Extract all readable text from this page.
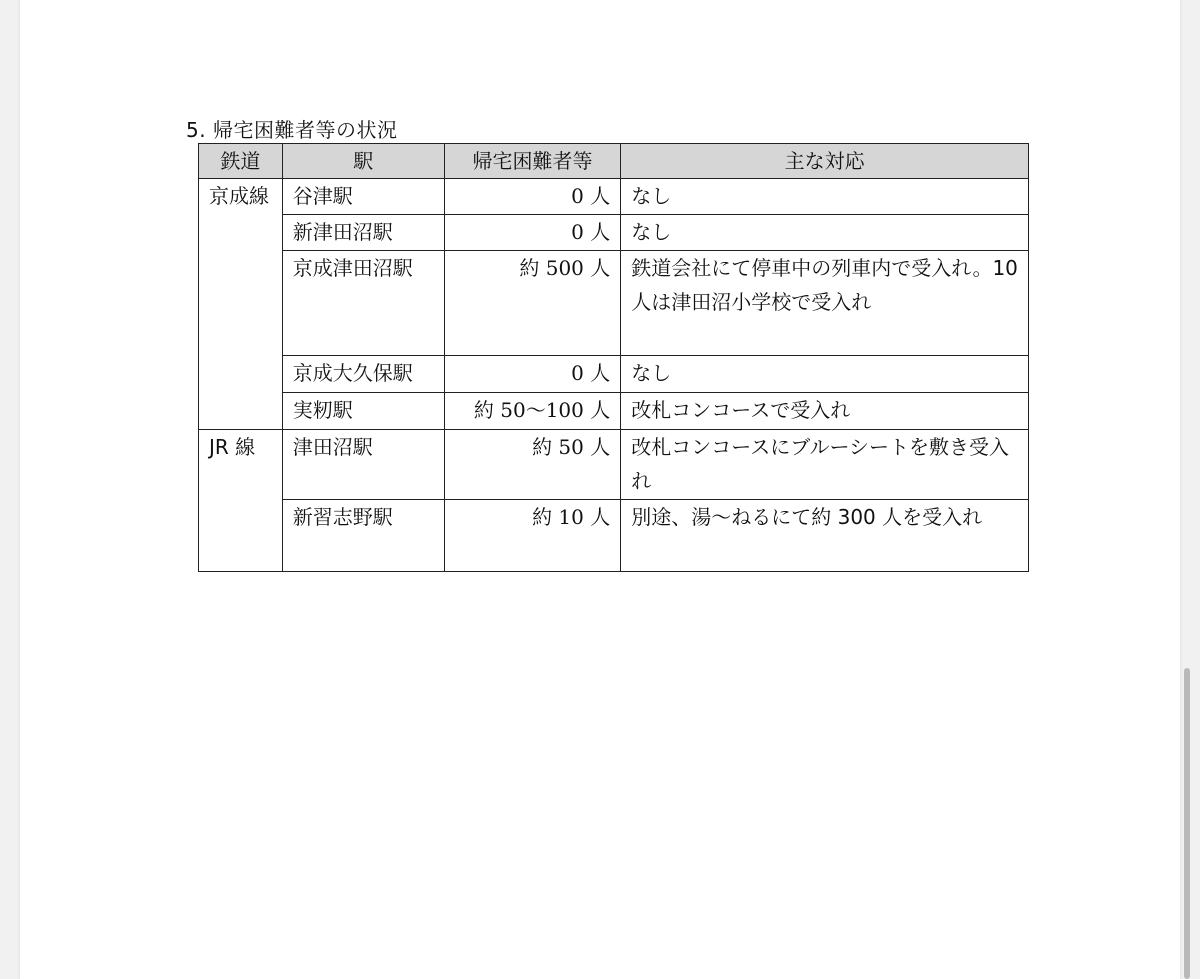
5. 帰宅困難者等の状況
鉄道	駅	帰宅困難者等	主な対応
京成線	谷津駅	0 人	なし
	新津田沼駅	0 人	なし
	京成津田沼駅	約 500 人	鉄道会社にて停車中の列車内で受入れ。10 人は津田沼小学校で受入れ
	京成大久保駅	0 人	なし
	実籾駅	約 50～100 人	改札コンコースで受入れ
JR 線	津田沼駅	約 50 人	改札コンコースにブルーシートを敷き受入れ
	新習志野駅	約 10 人	別途、湯～ねるにて約 300 人を受入れ
